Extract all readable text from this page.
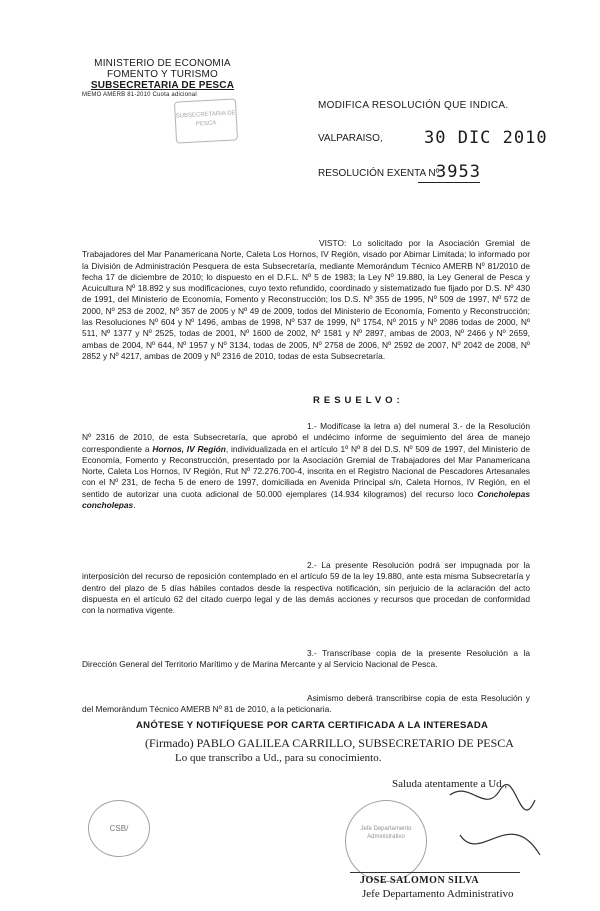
MINISTERIO DE ECONOMIA
FOMENTO Y TURISMO
SUBSECRETARIA DE PESCA
MEMO AMERB 81-2010 Cuota adicional
SUBSECRETARIA DE PESCA
MODIFICA RESOLUCIÓN QUE INDICA.
VALPARAISO, 30 DIC 2010
RESOLUCIÓN EXENTA Nº
3953

VISTO: Lo solicitado por la Asociación Gremial de Trabajadores del Mar Panamericana Norte, Caleta Los Hornos, IV Región, visado por Abimar Limitada; lo informado por la División de Administración Pesquera de esta Subsecretaría, mediante Memorándum Técnico AMERB Nº 81/2010 de fecha 17 de diciembre de 2010; lo dispuesto en el D.F.L. Nº 5 de 1983; la Ley Nº 19.880, la Ley General de Pesca y Acuicultura Nº 18.892 y sus modificaciones, cuyo texto refundido, coordinado y sistematizado fue fijado por D.S. Nº 430 de 1991, del Ministerio de Economía, Fomento y Reconstrucción; los D.S. Nº 355 de 1995, Nº 509 de 1997, Nº 572 de 2000, Nº 253 de 2002, Nº 357 de 2005 y Nº 49 de 2009, todos del Ministerio de Economía, Fomento y Reconstrucción; las Resoluciones Nº 604 y Nº 1496, ambas de 1998, Nº 537 de 1999, Nº 1754, Nº 2015 y Nº 2086 todas de 2000, Nº 511, Nº 1377 y Nº 2525, todas de 2001, Nº 1600 de 2002, Nº 1581 y Nº 2897, ambas de 2003, Nº 2466 y Nº 2659, ambas de 2004, Nº 644, Nº 1957 y Nº 3134, todas de 2005, Nº 2758 de 2006, Nº 2592 de 2007, Nº 2042 de 2008, Nº 2852 y Nº 4217, ambas de 2009 y Nº 2316 de 2010, todas de esta Subsecretaría.

RESUELVO:

1.- Modifícase la letra a) del numeral 3.- de la Resolución Nº 2316 de 2010, de esta Subsecretaría, que aprobó el undécimo informe de seguimiento del área de manejo correspondiente a Hornos, IV Región, individualizada en el artículo 1º Nº 8 del D.S. Nº 509 de 1997, del Ministerio de Economía, Fomento y Reconstrucción, presentado por la Asociación Gremial de Trabajadores del Mar Panamericana Norte, Caleta Los Hornos, IV Región, Rut Nº 72.276.700-4, inscrita en el Registro Nacional de Pescadores Artesanales con el Nº 231, de fecha 5 de enero de 1997, domiciliada en Avenida Principal s/n, Caleta Hornos, IV Región, en el sentido de autorizar una cuota adicional de 50.000 ejemplares (14.934 kilogramos) del recurso loco Concholepas concholepas.

2.- La presente Resolución podrá ser impugnada por la interposición del recurso de reposición contemplado en el artículo 59 de la ley 19.880, ante esta misma Subsecretaría y dentro del plazo de 5 días hábiles contados desde la respectiva notificación, sin perjuicio de la aclaración del acto dispuesta en el artículo 62 del citado cuerpo legal y de las demás acciones y recursos que procedan de conformidad con la normativa vigente.

3.- Transcríbase copia de la presente Resolución a la Dirección General del Territorio Marítimo y de Marina Mercante y al Servicio Nacional de Pesca.

Asimismo deberá transcribirse copia de esta Resolución y del Memorándum Técnico AMERB Nº 81 de 2010, a la peticionaria.

ANÓTESE Y NOTIFÍQUESE POR CARTA CERTIFICADA A LA INTERESADA
(Firmado) PABLO GALILEA CARRILLO, SUBSECRETARIO DE PESCA
Lo que transcribo a Ud., para su conocimiento.
Saluda atentamente a Ud.,
CSB/	Jefe Departamento Administrativo
JOSE SALOMON SILVA
Jefe Departamento Administrativo
